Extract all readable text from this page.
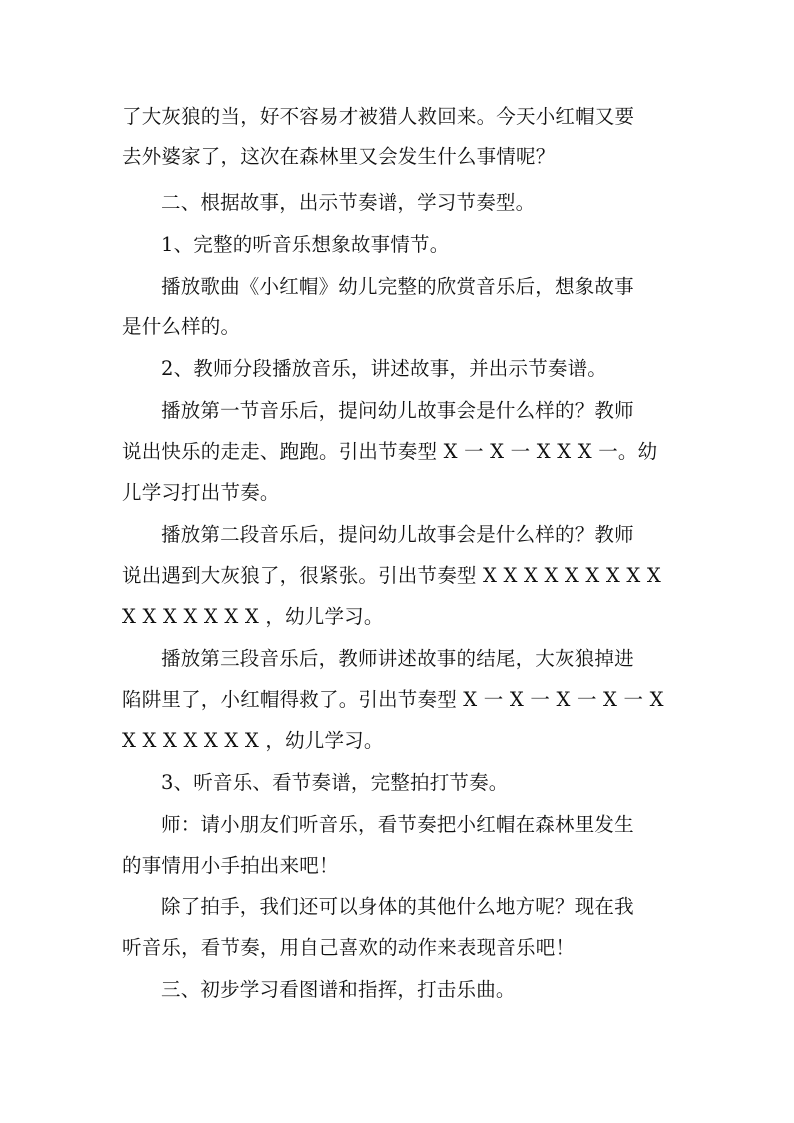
了大灰狼的当，好不容易才被猎人救回来。今天小红帽又要
去外婆家了，这次在森林里又会发生什么事情呢？
二、根据故事，出示节奏谱，学习节奏型。
1、完整的听音乐想象故事情节。
播放歌曲《小红帽》幼儿完整的欣赏音乐后，想象故事
是什么样的。
2、教师分段播放音乐，讲述故事，并出示节奏谱。
播放第一节音乐后，提问幼儿故事会是什么样的？教师
说出快乐的走走、跑跑。引出节奏型 X 一 X 一 X X X 一。幼
儿学习打出节奏。
播放第二段音乐后，提问幼儿故事会是什么样的？教师
说出遇到大灰狼了，很紧张。引出节奏型 X X X X X X X X X
X X X X X X X ，幼儿学习。
播放第三段音乐后，教师讲述故事的结尾，大灰狼掉进
陷阱里了，小红帽得救了。引出节奏型 X 一 X 一 X 一 X 一 X
X X X X X X X ，幼儿学习。
3、听音乐、看节奏谱，完整拍打节奏。
师：请小朋友们听音乐，看节奏把小红帽在森林里发生
的事情用小手拍出来吧！
除了拍手，我们还可以身体的其他什么地方呢？现在我
听音乐，看节奏，用自己喜欢的动作来表现音乐吧！
三、初步学习看图谱和指挥，打击乐曲。
